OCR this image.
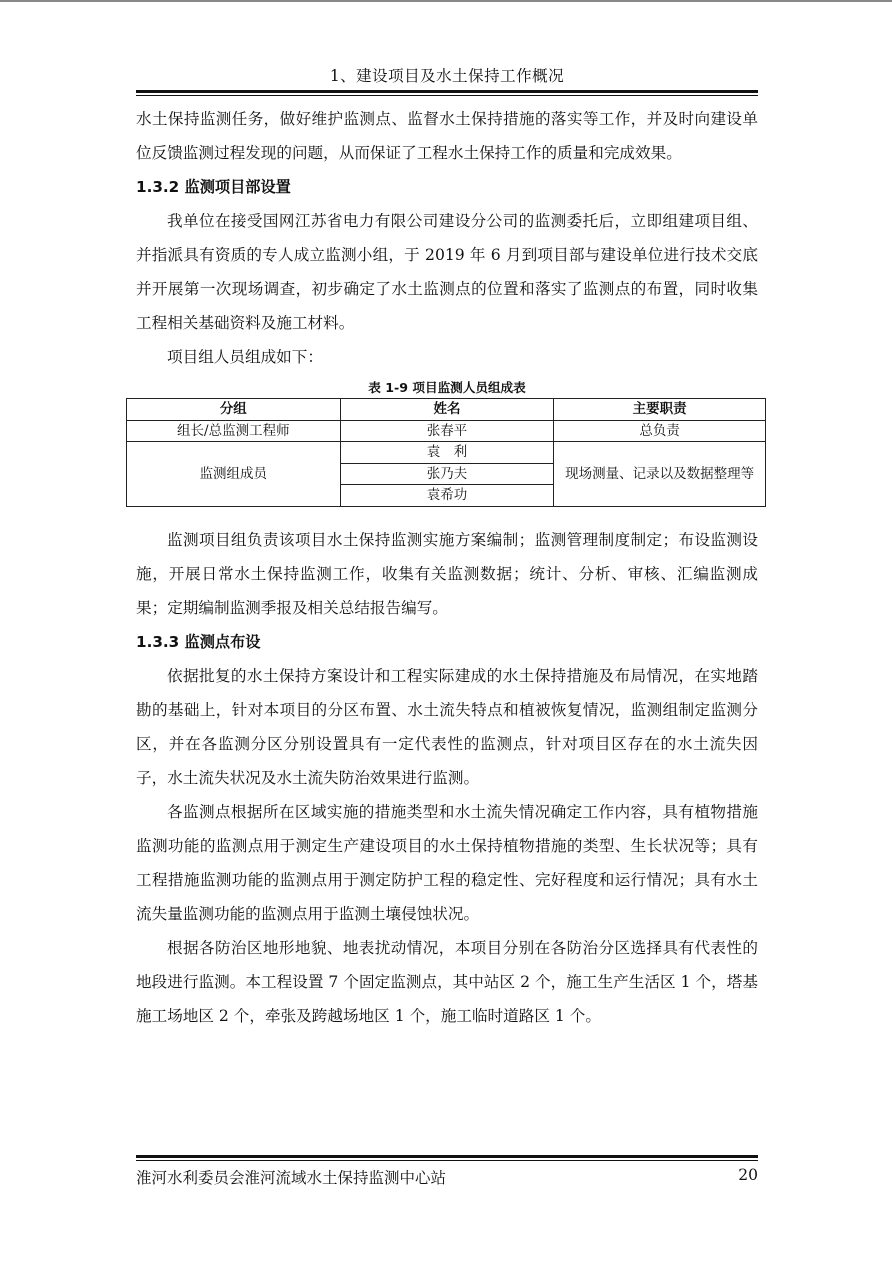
1、建设项目及水土保持工作概况

水土保持监测任务，做好维护监测点、监督水土保持措施的落实等工作，并及时向建设单位反馈监测过程发现的问题，从而保证了工程水土保持工作的质量和完成效果。

1.3.2 监测项目部设置

我单位在接受国网江苏省电力有限公司建设分公司的监测委托后，立即组建项目组、并指派具有资质的专人成立监测小组，于 2019 年 6 月到项目部与建设单位进行技术交底并开展第一次现场调查，初步确定了水土监测点的位置和落实了监测点的布置，同时收集工程相关基础资料及施工材料。

项目组人员组成如下：

表 1-9 项目监测人员组成表
分组	姓名	主要职责
组长/总监测工程师	张春平	总负责
监测组成员	袁　利	现场测量、记录以及数据整理等
	张乃夫	
	袁希功	

监测项目组负责该项目水土保持监测实施方案编制；监测管理制度制定；布设监测设施，开展日常水土保持监测工作，收集有关监测数据；统计、分析、审核、汇编监测成果；定期编制监测季报及相关总结报告编写。

1.3.3 监测点布设

依据批复的水土保持方案设计和工程实际建成的水土保持措施及布局情况，在实地踏勘的基础上，针对本项目的分区布置、水土流失特点和植被恢复情况，监测组制定监测分区，并在各监测分区分别设置具有一定代表性的监测点，针对项目区存在的水土流失因子，水土流失状况及水土流失防治效果进行监测。

各监测点根据所在区域实施的措施类型和水土流失情况确定工作内容，具有植物措施监测功能的监测点用于测定生产建设项目的水土保持植物措施的类型、生长状况等；具有工程措施监测功能的监测点用于测定防护工程的稳定性、完好程度和运行情况；具有水土流失量监测功能的监测点用于监测土壤侵蚀状况。

根据各防治区地形地貌、地表扰动情况，本项目分别在各防治分区选择具有代表性的地段进行监测。本工程设置 7 个固定监测点，其中站区 2 个，施工生产生活区 1 个，塔基施工场地区 2 个，牵张及跨越场地区 1 个，施工临时道路区 1 个。

淮河水利委员会淮河流域水土保持监测中心站	20
